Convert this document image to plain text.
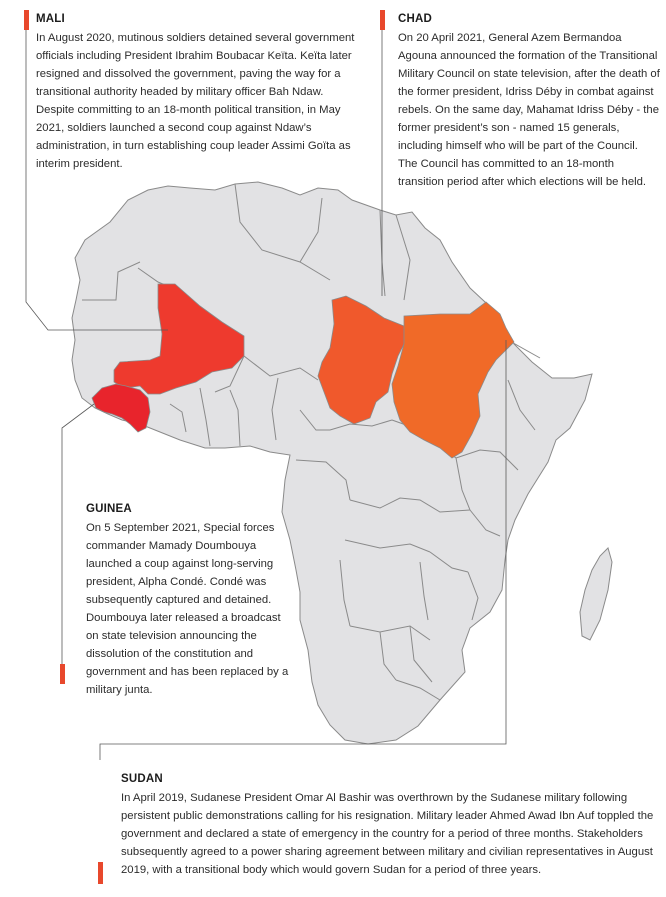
MALI

In August 2020, mutinous soldiers detained several government officials including President Ibrahim Boubacar Keïta. Keïta later resigned and dissolved the government, paving the way for a transitional authority headed by military officer Bah Ndaw. Despite committing to an 18-month political transition, in May 2021, soldiers launched a second coup against Ndaw’s administration, in turn establishing coup leader Assimi Goïta as interim president.

CHAD

On 20 April 2021, General Azem Bermandoa Agouna announced the formation of the Transitional Military Council on state television, after the death of the former president, Idriss Déby in combat against rebels. On the same day, Mahamat Idriss Déby - the former president’s son - named 15 generals, including himself who will be part of the Council. The Council has committed to an 18-month transition period after which elections will be held.

GUINEA

On 5 September 2021, Special forces commander Mamady Doumbouya launched a coup against long-serving president, Alpha Condé. Condé was subsequently captured and detained. Doumbouya later released a broadcast on state television announcing the dissolution of the constitution and government and has been replaced by a military junta.

SUDAN

In April 2019, Sudanese President Omar Al Bashir was overthrown by the Sudanese military following persistent public demonstrations calling for his resignation. Military leader Ahmed Awad Ibn Auf toppled the government and declared a state of emergency in the country for a period of three months. Stakeholders subsequently agreed to a power sharing agreement between military and civilian representatives in August 2019, with a transitional body which would govern Sudan for a period of three years.
